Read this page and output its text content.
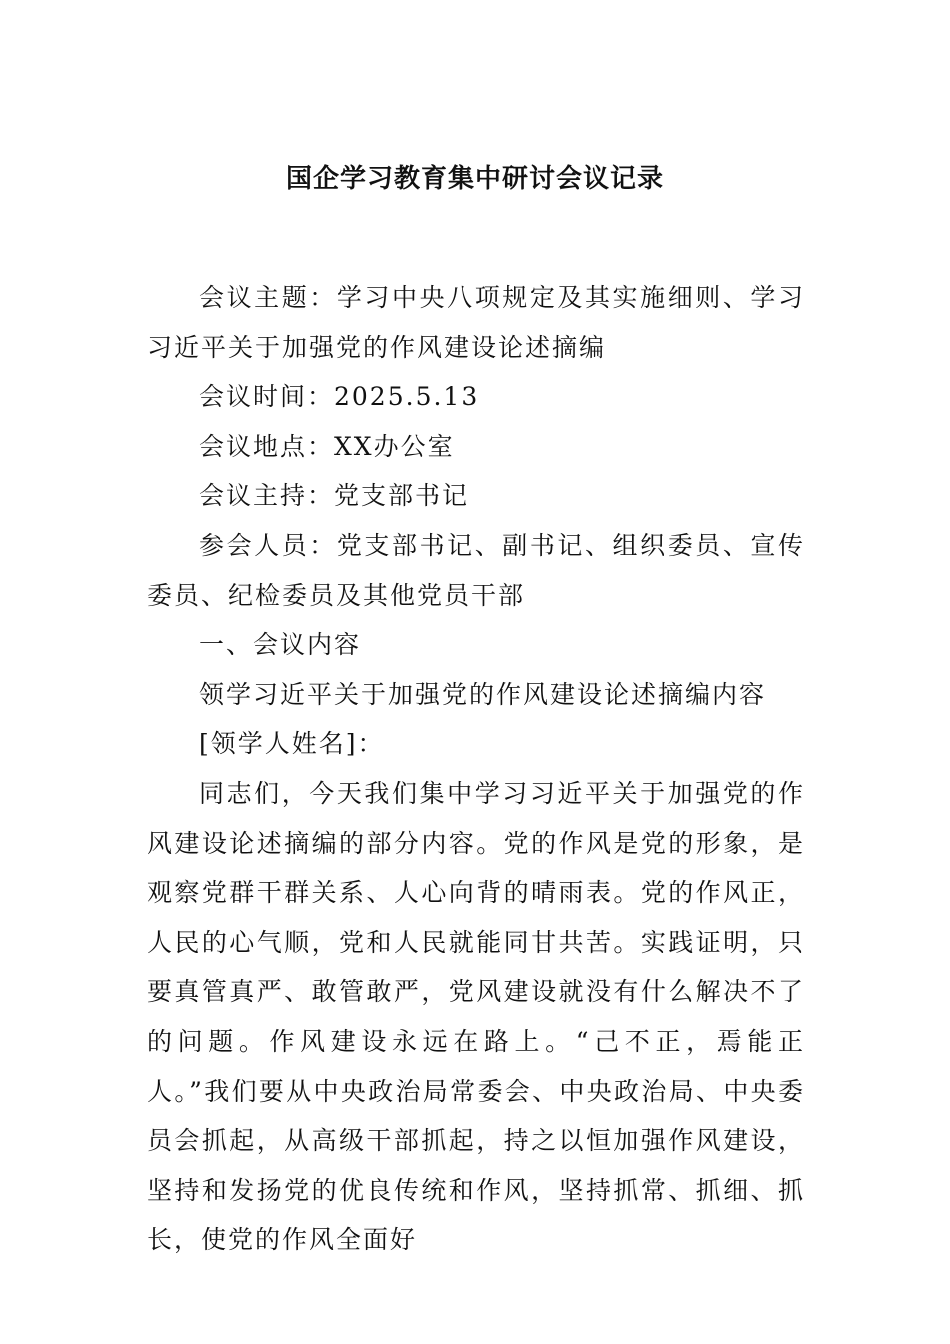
国企学习教育集中研讨会议记录

会议主题：学习中央八项规定及其实施细则、学习习近平关于加强党的作风建设论述摘编

会议时间：2025.5.13

会议地点：XX办公室

会议主持：党支部书记

参会人员：党支部书记、副书记、组织委员、宣传委员、纪检委员及其他党员干部

一、会议内容

领学习近平关于加强党的作风建设论述摘编内容

[领学人姓名]：

同志们，今天我们集中学习习近平关于加强党的作风建设论述摘编的部分内容。党的作风是党的形象，是观察党群干群关系、人心向背的晴雨表。党的作风正，人民的心气顺，党和人民就能同甘共苦。实践证明，只要真管真严、敢管敢严，党风建设就没有什么解决不了的问题。作风建设永远在路上。“己不正，焉能正人。”我们要从中央政治局常委会、中央政治局、中央委员会抓起，从高级干部抓起，持之以恒加强作风建设，坚持和发扬党的优良传统和作风，坚持抓常、抓细、抓长，使党的作风全面好
